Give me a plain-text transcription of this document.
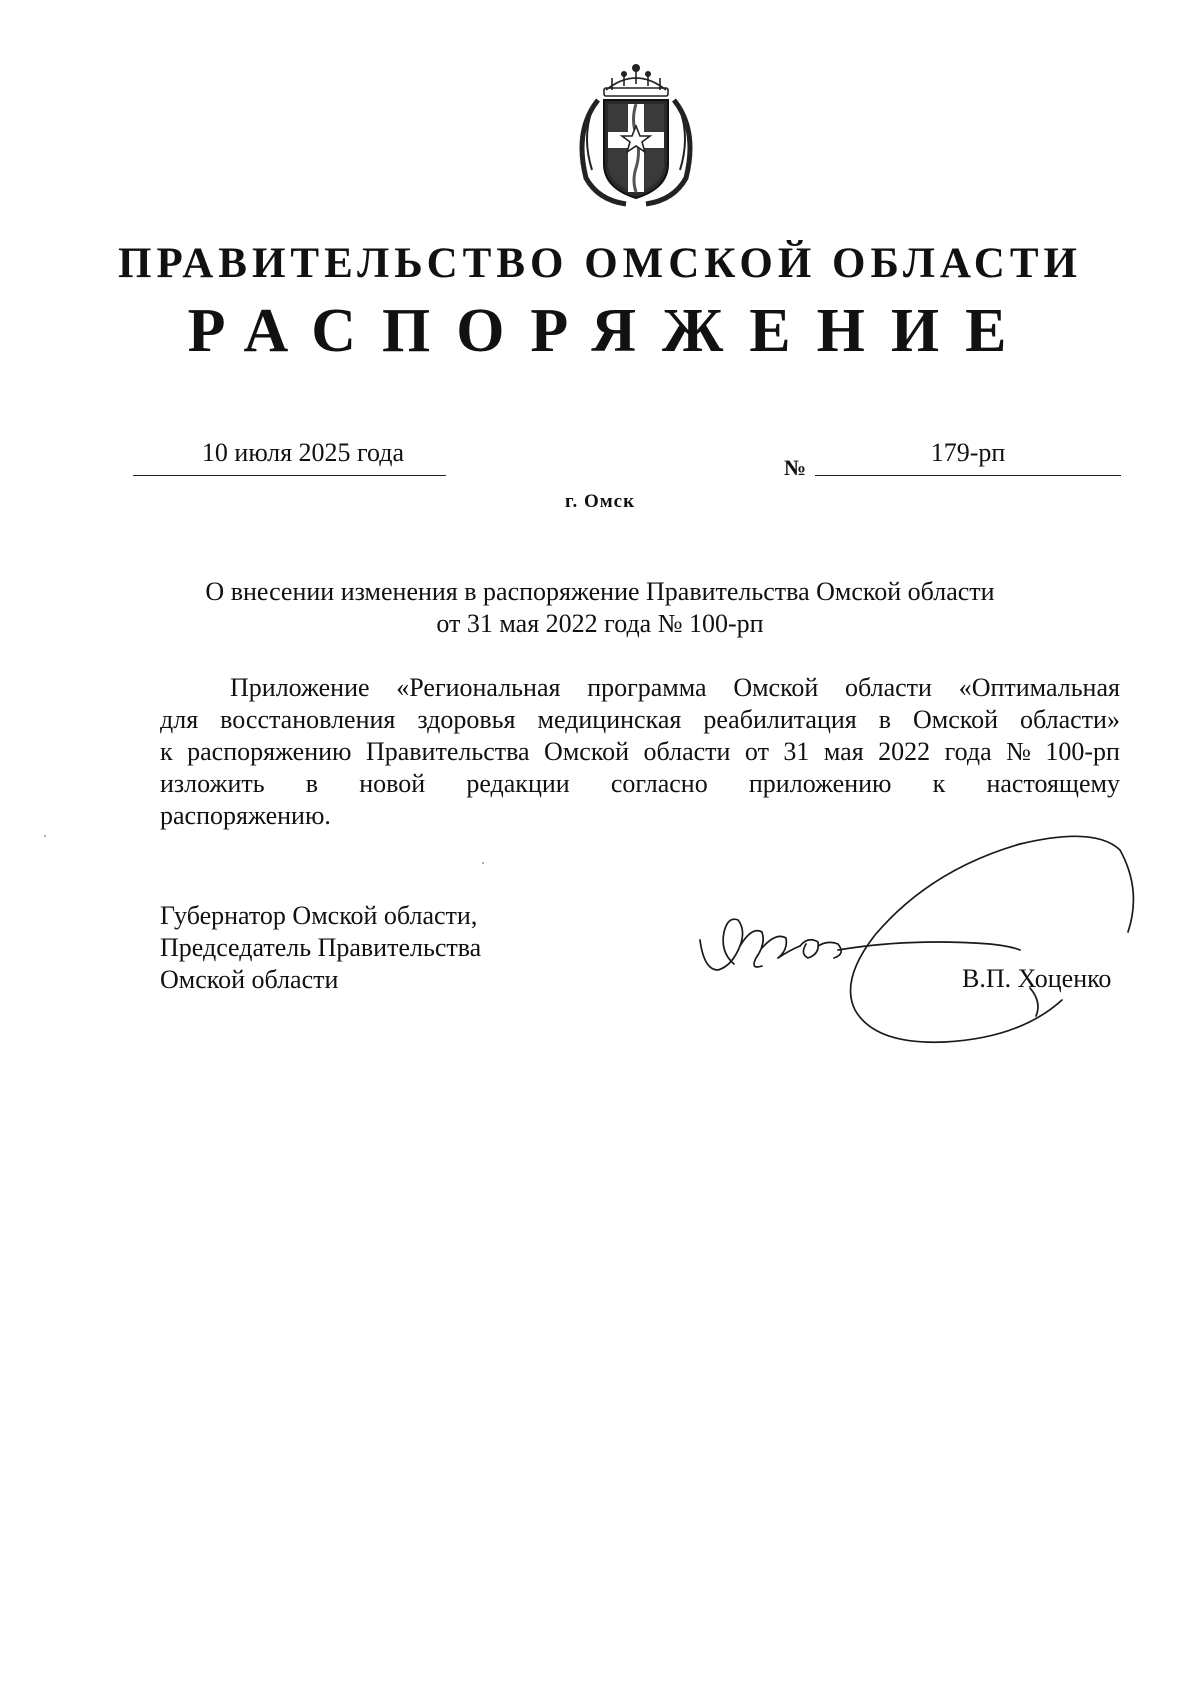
ПРАВИТЕЛЬСТВО ОМСКОЙ ОБЛАСТИ
РАСПОРЯЖЕНИЕ
10 июля 2025 года
№
179-рп
г. Омск
О внесении изменения в распоряжение Правительства Омской области
от 31 мая 2022 года № 100-рп
Приложение «Региональная программа Омской области «Оптимальная
для восстановления здоровья медицинская реабилитация в Омской области»
к распоряжению Правительства Омской области от 31 мая 2022 года № 100-рп
изложить в новой редакции согласно приложению к настоящему
распоряжению.
Губернатор Омской области,
Председатель Правительства
Омской области	В.П. Хоценко
